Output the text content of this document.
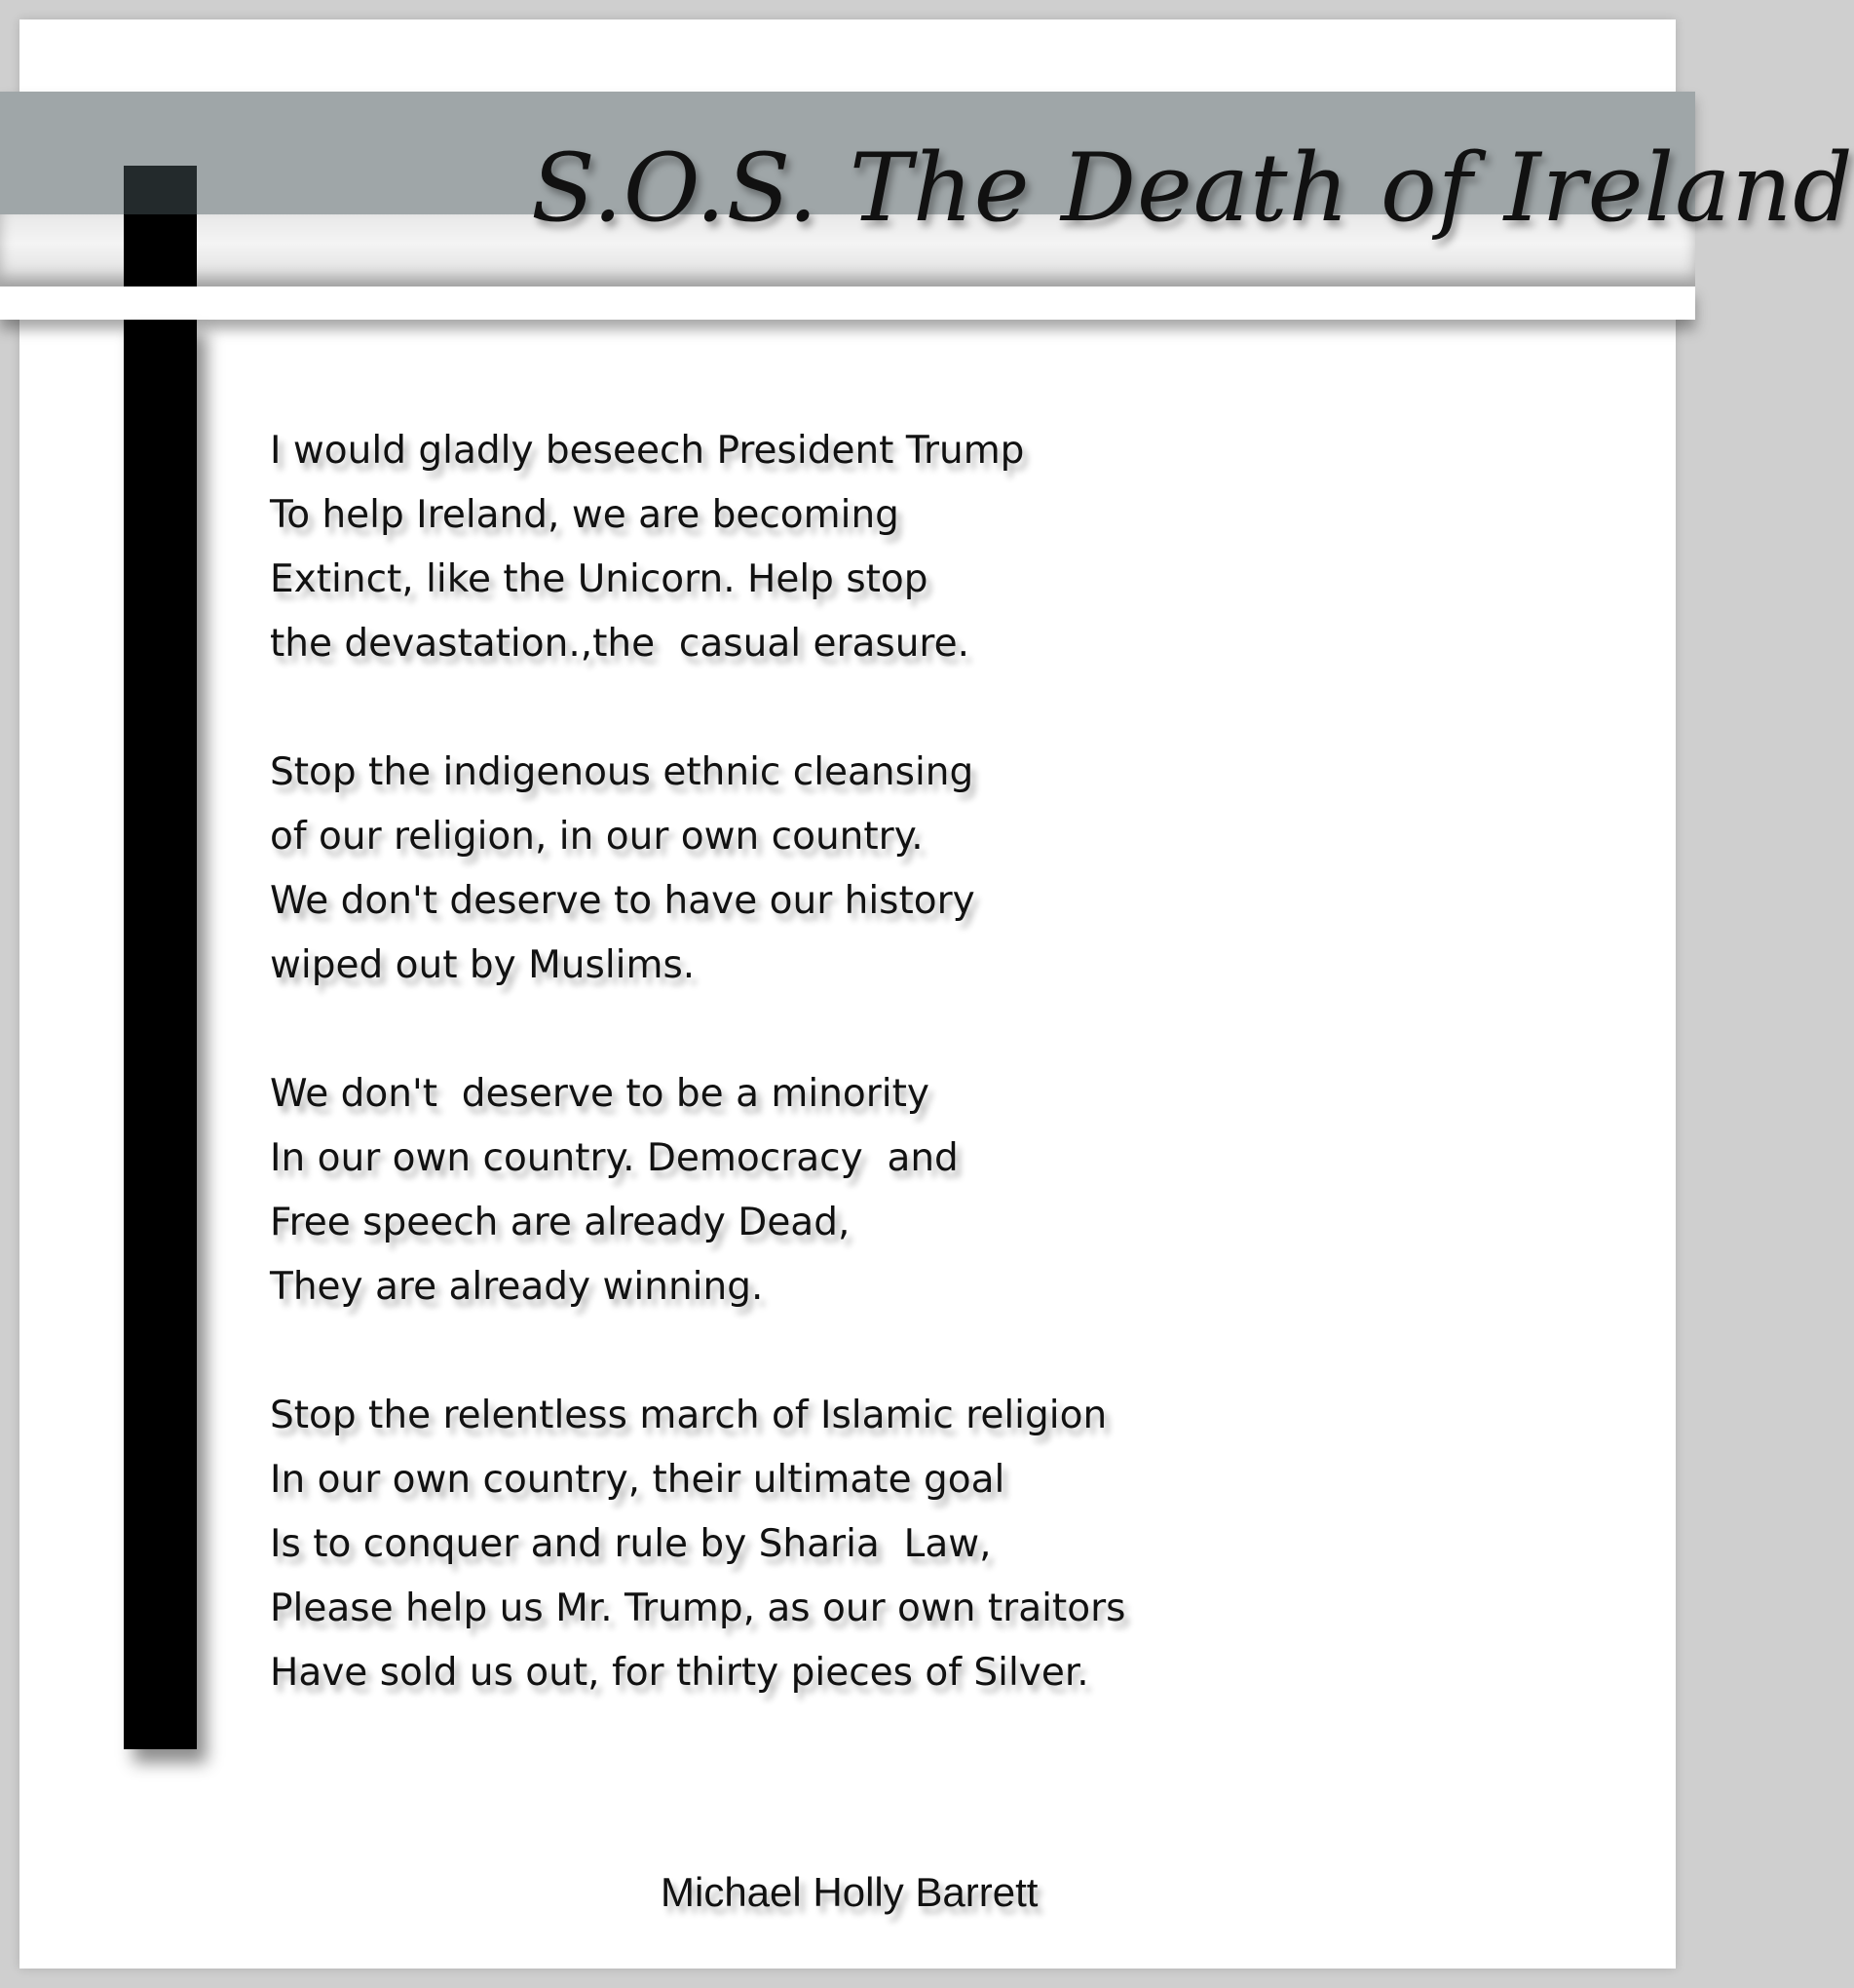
S.O.S. The Death of Ireland

I would gladly beseech President Trump
To help Ireland, we are becoming
Extinct, like the Unicorn. Help stop
the devastation.,the  casual erasure.

Stop the indigenous ethnic cleansing
of our religion, in our own country.
We don't deserve to have our history
wiped out by Muslims.

We don't  deserve to be a minority
In our own country. Democracy  and
Free speech are already Dead,
They are already winning.

Stop the relentless march of Islamic religion
In our own country, their ultimate goal
Is to conquer and rule by Sharia  Law,
Please help us Mr. Trump, as our own traitors
Have sold us out, for thirty pieces of Silver.

Michael Holly Barrett
